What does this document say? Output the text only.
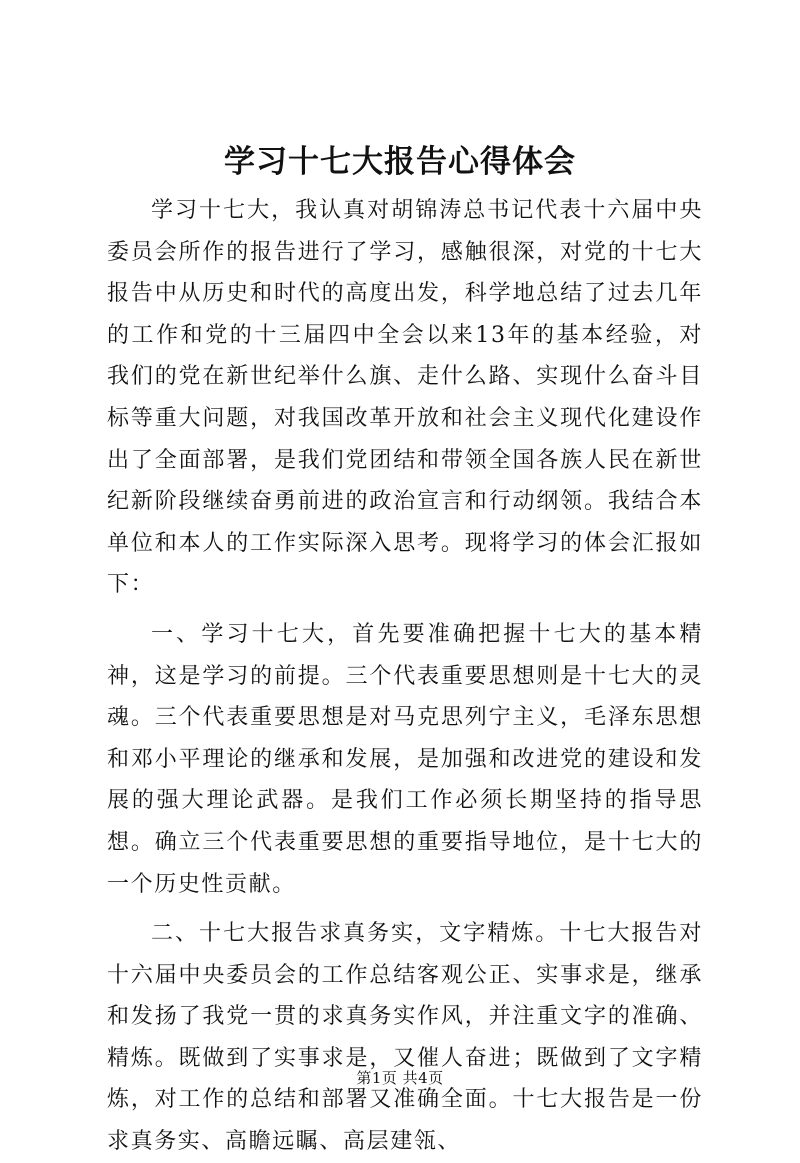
学习十七大报告心得体会

学习十七大，我认真对胡锦涛总书记代表十六届中央委员会所作的报告进行了学习，感触很深，对党的十七大报告中从历史和时代的高度出发，科学地总结了过去几年的工作和党的十三届四中全会以来13年的基本经验，对我们的党在新世纪举什么旗、走什么路、实现什么奋斗目标等重大问题，对我国改革开放和社会主义现代化建设作出了全面部署，是我们党团结和带领全国各族人民在新世纪新阶段继续奋勇前进的政治宣言和行动纲领。我结合本单位和本人的工作实际深入思考。现将学习的体会汇报如下：

一、学习十七大，首先要准确把握十七大的基本精神，这是学习的前提。三个代表重要思想则是十七大的灵魂。三个代表重要思想是对马克思列宁主义，毛泽东思想和邓小平理论的继承和发展，是加强和改进党的建设和发展的强大理论武器。是我们工作必须长期坚持的指导思想。确立三个代表重要思想的重要指导地位，是十七大的一个历史性贡献。

二、十七大报告求真务实，文字精炼。十七大报告对十六届中央委员会的工作总结客观公正、实事求是，继承和发扬了我党一贯的求真务实作风，并注重文字的准确、精炼。既做到了实事求是，又催人奋进；既做到了文字精炼，对工作的总结和部署又准确全面。十七大报告是一份求真务实、高瞻远瞩、高层建瓴、

第1页 共4页
